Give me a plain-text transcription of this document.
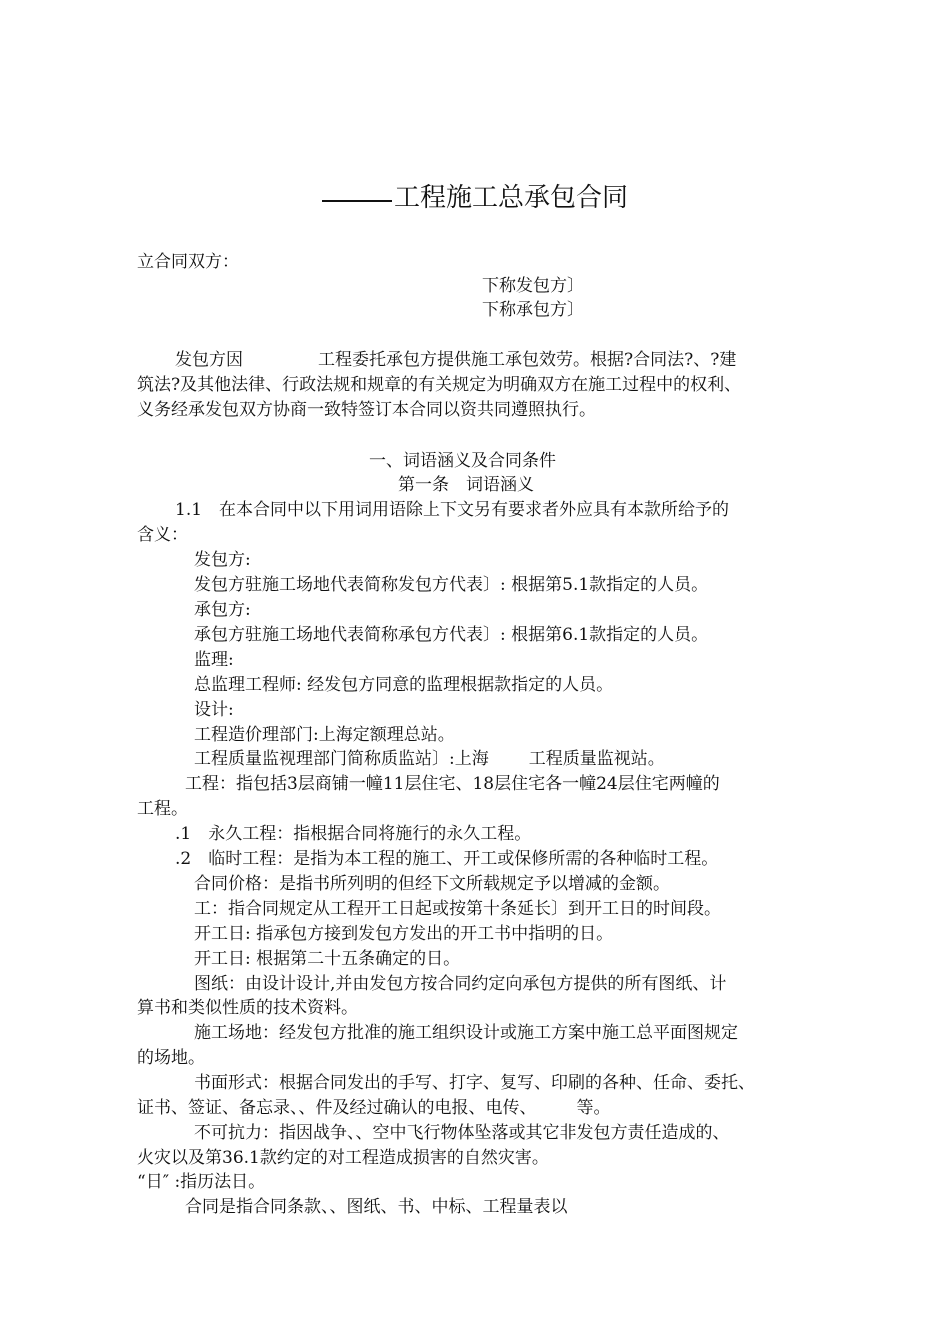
工程施工总承包合同
立合同双方：
下称发包方〕
下称承包方〕
发包方因	工程委托承包方提供施工承包效劳。根据?合同法?、?建
筑法?及其他法律、行政法规和规章的有关规定为明确双方在施工过程中的权利、
义务经承发包双方协商一致特签订本合同以资共同遵照执行。
一、词语涵义及合同条件
第一条　词语涵义
1.1　在本合同中以下用词用语除上下文另有要求者外应具有本款所给予的
含义：
发包方:
发包方驻施工场地代表简称发包方代表〕: 根据第5.1款指定的人员。
承包方:
承包方驻施工场地代表简称承包方代表〕: 根据第6.1款指定的人员。
监理:
总监理工程师: 经发包方同意的监理根据款指定的人员。
设计:
工程造价理部门:上海定额理总站。
工程质量监视理部门简称质监站〕:上海 工程质量监视站。
工程：指包括3层商铺一幢11层住宅、18层住宅各一幢24层住宅两幢的
工程。
.1　永久工程：指根据合同将施行的永久工程。
.2　临时工程：是指为本工程的施工、开工或保修所需的各种临时工程。
合同价格：是指书所列明的但经下文所载规定予以增减的金额。
工：指合同规定从工程开工日起或按第十条延长〕到开工日的时间段。
开工日: 指承包方接到发包方发出的开工书中指明的日。
开工日: 根据第二十五条确定的日。
图纸：由设计设计,并由发包方按合同约定向承包方提供的所有图纸、计
算书和类似性质的技术资料。
施工场地：经发包方批准的施工组织设计或施工方案中施工总平面图规定
的场地。
书面形式：根据合同发出的手写、打字、复写、印刷的各种、任命、委托、
证书、签证、备忘录、、件及经过确认的电报、电传、 等。
不可抗力：指因战争、、空中飞行物体坠落或其它非发包方责任造成的、
火灾以及第36.1款约定的对工程造成损害的自然灾害。
“日″ :指历法日。
合同是指合同条款、、图纸、书、中标、工程量表以
